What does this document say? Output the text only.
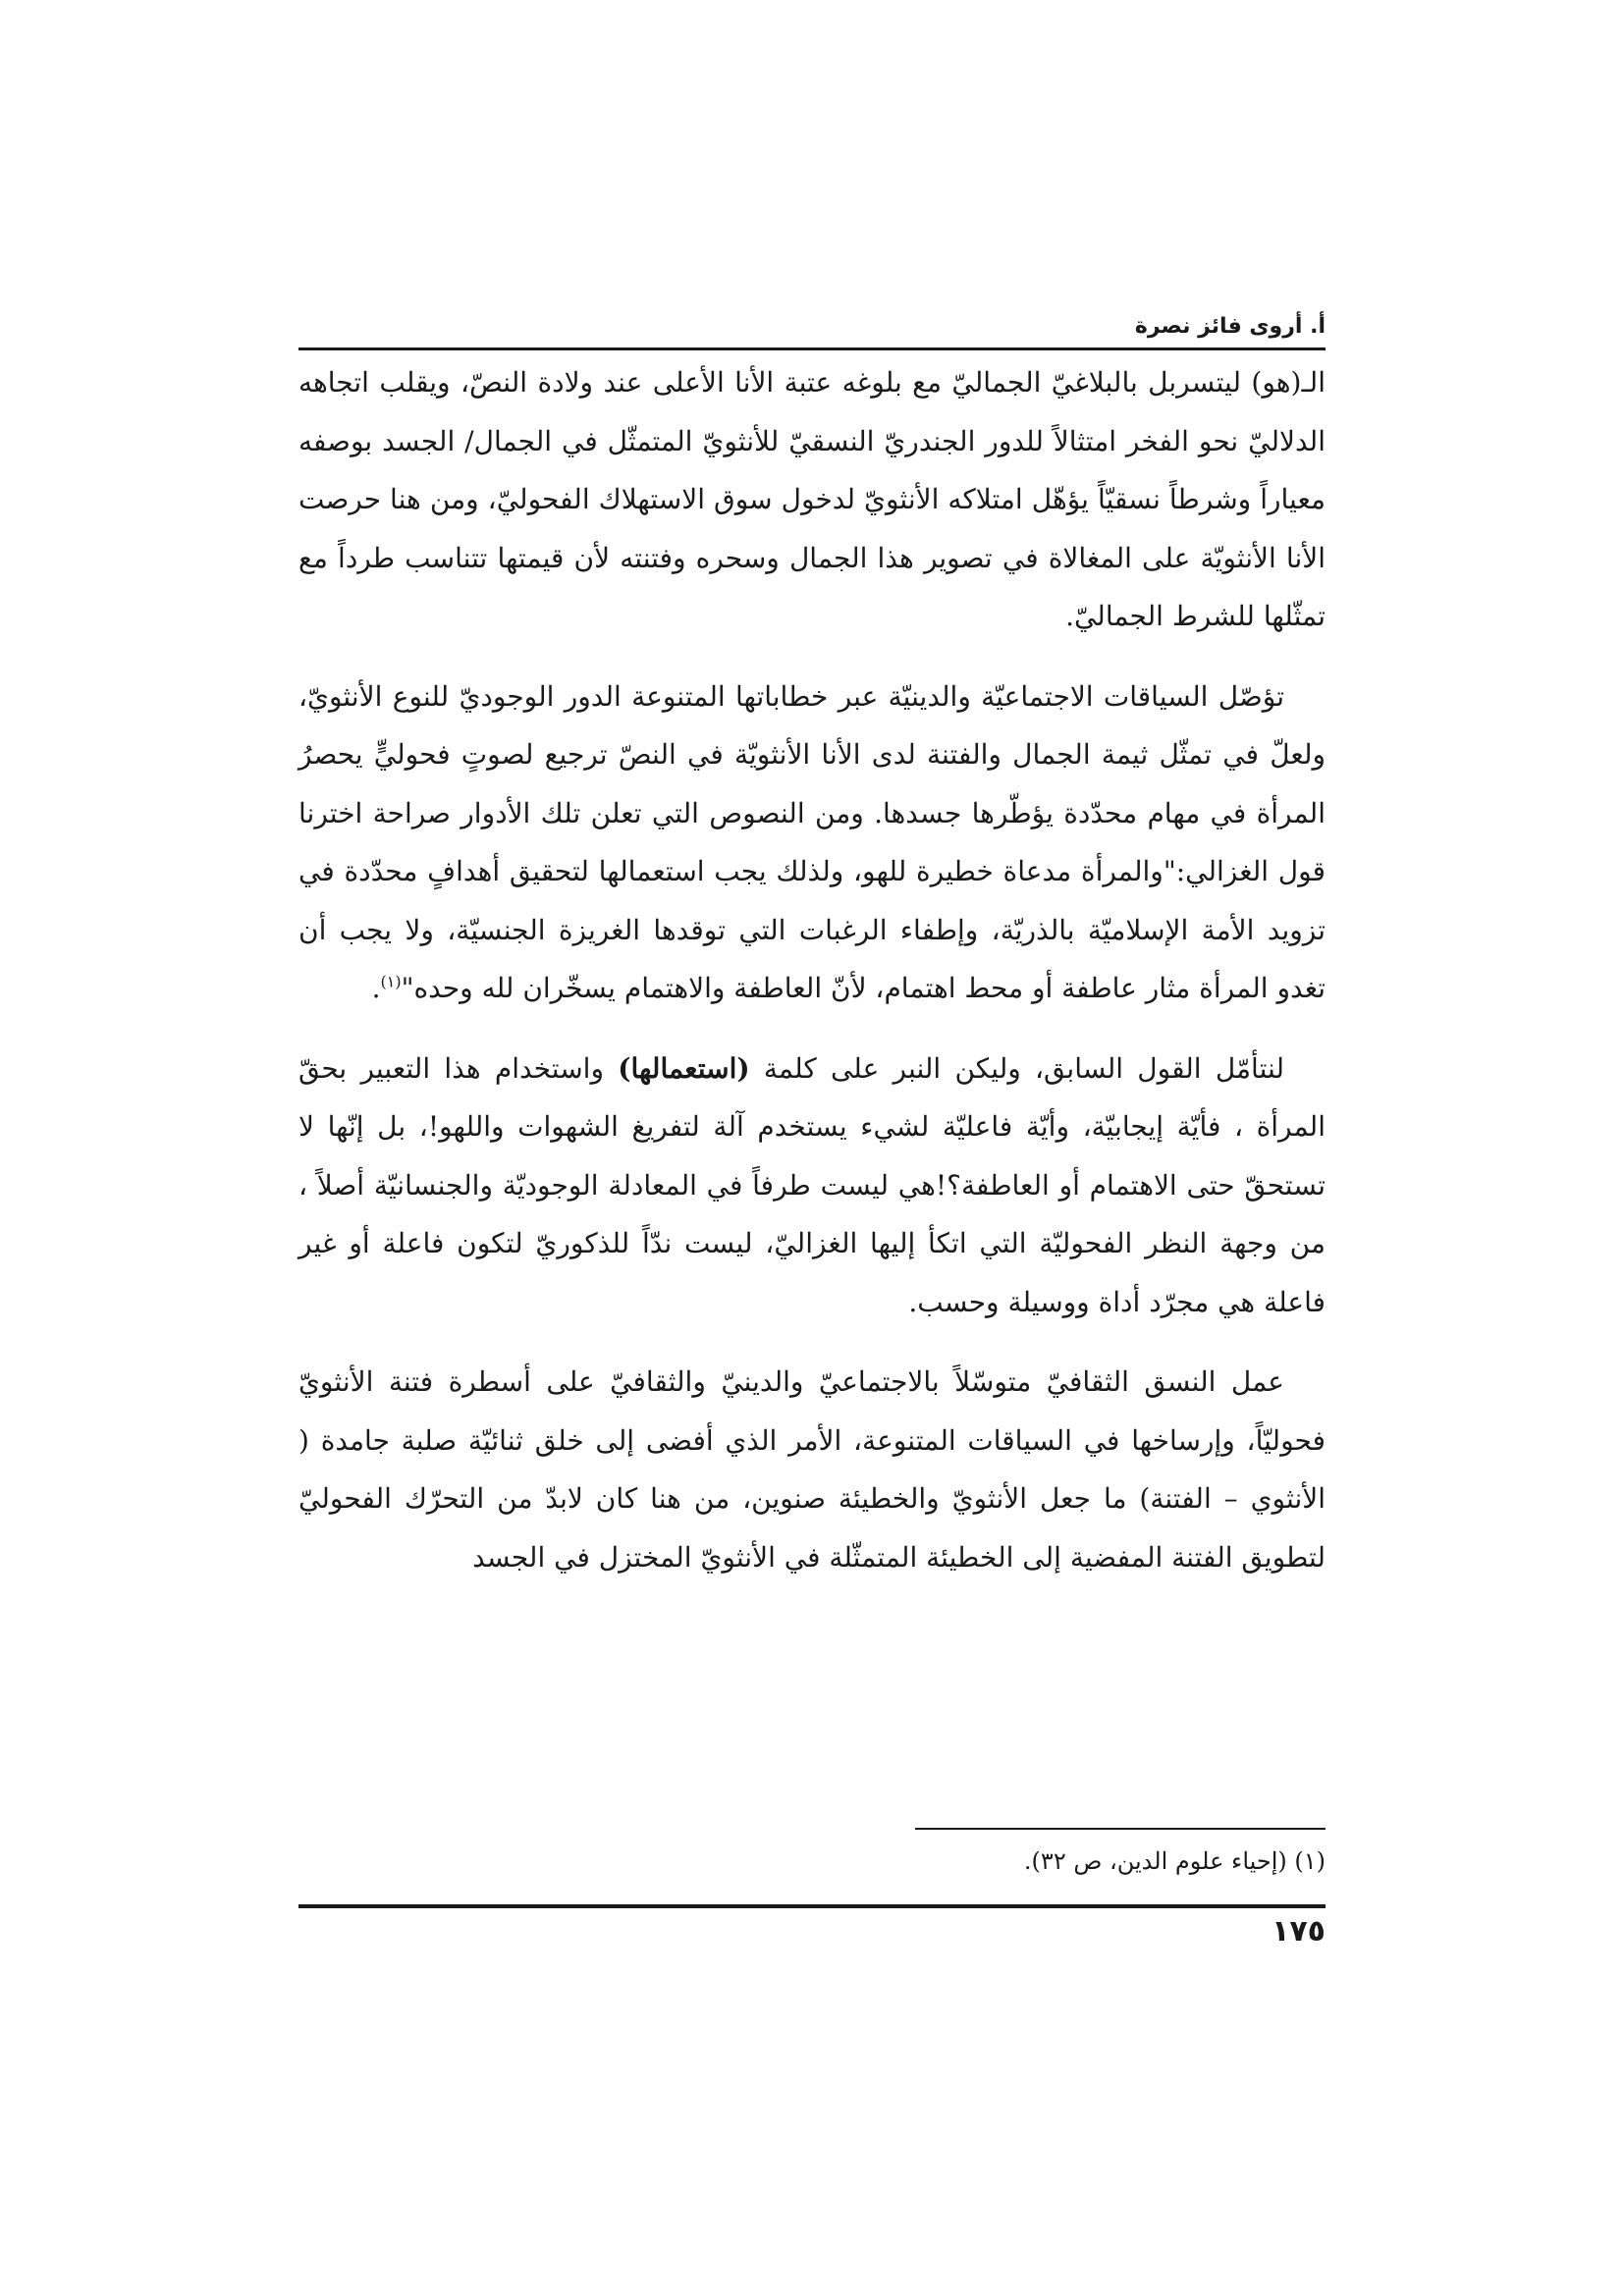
أ. أروى فائز نصرة

الـ(هو) ليتسربل بالبلاغيّ الجماليّ مع بلوغه عتبة الأنا الأعلى عند ولادة النصّ، ويقلب اتجاهه الدلاليّ نحو الفخر امتثالاً للدور الجندريّ النسقيّ للأنثويّ المتمثّل في الجمال/ الجسد بوصفه معياراً وشرطاً نسقيّاً يؤهّل امتلاكه الأنثويّ لدخول سوق الاستهلاك الفحوليّ، ومن هنا حرصت الأنا الأنثويّة على المغالاة في تصوير هذا الجمال وسحره وفتنته لأن قيمتها تتناسب طرداً مع تمثّلها للشرط الجماليّ.

تؤصّل السياقات الاجتماعيّة والدينيّة عبر خطاباتها المتنوعة الدور الوجوديّ للنوع الأنثويّ، ولعلّ في تمثّل ثيمة الجمال والفتنة لدى الأنا الأنثويّة في النصّ ترجيع لصوتٍ فحوليٍّ يحصرُ المرأة في مهام محدّدة يؤطّرها جسدها. ومن النصوص التي تعلن تلك الأدوار صراحة اخترنا قول الغزالي:"والمرأة مدعاة خطيرة للهو، ولذلك يجب استعمالها لتحقيق أهدافٍ محدّدة في تزويد الأمة الإسلاميّة بالذريّة، وإطفاء الرغبات التي توقدها الغريزة الجنسيّة، ولا يجب أن تغدو المرأة مثار عاطفة أو محط اهتمام، لأنّ العاطفة والاهتمام يسخّران لله وحده"$^{(١)}$.

لنتأمّل القول السابق، وليكن النبر على كلمة (استعمالها) واستخدام هذا التعبير بحقّ المرأة ، فأيّة إيجابيّة، وأيّة فاعليّة لشيء يستخدم آلة لتفريغ الشهوات واللهو!، بل إنّها لا تستحقّ حتى الاهتمام أو العاطفة؟!هي ليست طرفاً في المعادلة الوجوديّة والجنسانيّة أصلاً ، من وجهة النظر الفحوليّة التي اتكأ إليها الغزاليّ، ليست ندّاً للذكوريّ لتكون فاعلة أو غير فاعلة هي مجرّد أداة ووسيلة وحسب.

عمل النسق الثقافيّ متوسّلاً بالاجتماعيّ والدينيّ والثقافيّ على أسطرة فتنة الأنثويّ فحوليّاً، وإرساخها في السياقات المتنوعة، الأمر الذي أفضى إلى خلق ثنائيّة صلبة جامدة ( الأنثوي – الفتنة) ما جعل الأنثويّ والخطيئة صنوين، من هنا كان لابدّ من التحرّك الفحوليّ لتطويق الفتنة المفضية إلى الخطيئة المتمثّلة في الأنثويّ المختزل في الجسد

(١) (إحياء علوم الدين، ص ٣٢).
١٧٥
